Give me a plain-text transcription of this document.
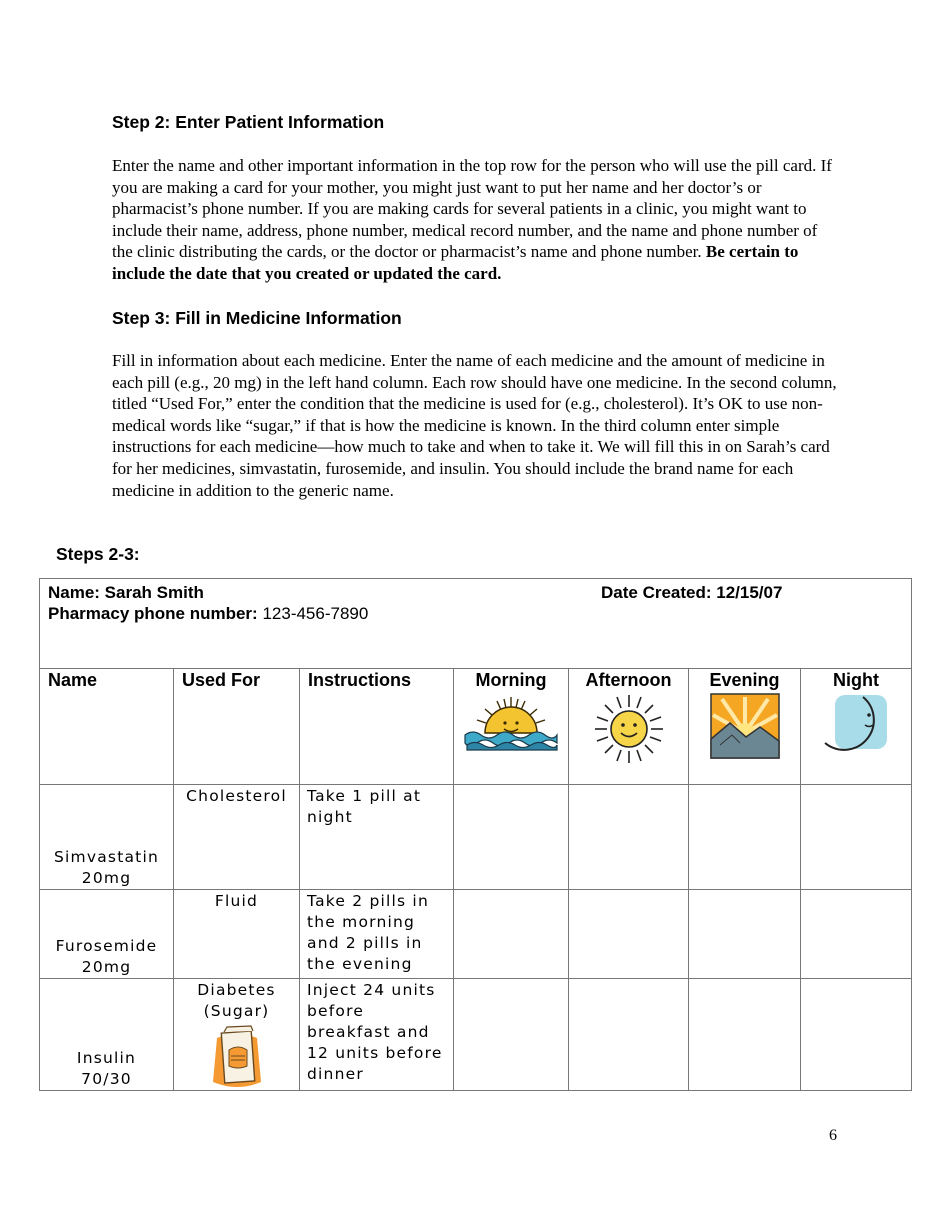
Step 2: Enter Patient Information
Enter the name and other important information in the top row for the person who will use the pill card. If you are making a card for your mother, you might just want to put her name and her doctor’s or pharmacist’s phone number. If you are making cards for several patients in a clinic, you might want to include their name, address, phone number, medical record number, and the name and phone number of the clinic distributing the cards, or the doctor or pharmacist’s name and phone number. Be certain to include the date that you created or updated the card.
Step 3: Fill in Medicine Information
Fill in information about each medicine. Enter the name of each medicine and the amount of medicine in each pill (e.g., 20 mg) in the left hand column. Each row should have one medicine. In the second column, titled “Used For,” enter the condition that the medicine is used for (e.g., cholesterol). It’s OK to use non-medical words like “sugar,” if that is how the medicine is known. In the third column enter simple instructions for each medicine—how much to take and when to take it. We will fill this in on Sarah’s card for her medicines, simvastatin, furosemide, and insulin. You should include the brand name for each medicine in addition to the generic name.
Steps 2-3:
Name: Sarah Smith Date Created: 12/15/07
Pharmacy phone number: 123-456-7890						

Name	Used For	Instructions	Morning	Afternoon	Evening	Night

Simvastatin
20mg	Cholesterol	Take 1 pill at night				

Furosemide
20mg	Fluid	Take 2 pills in the morning and 2 pills in the evening				

Insulin
70/30	Diabetes (Sugar)	Inject 24 units before breakfast and 12 units before dinner				
6
